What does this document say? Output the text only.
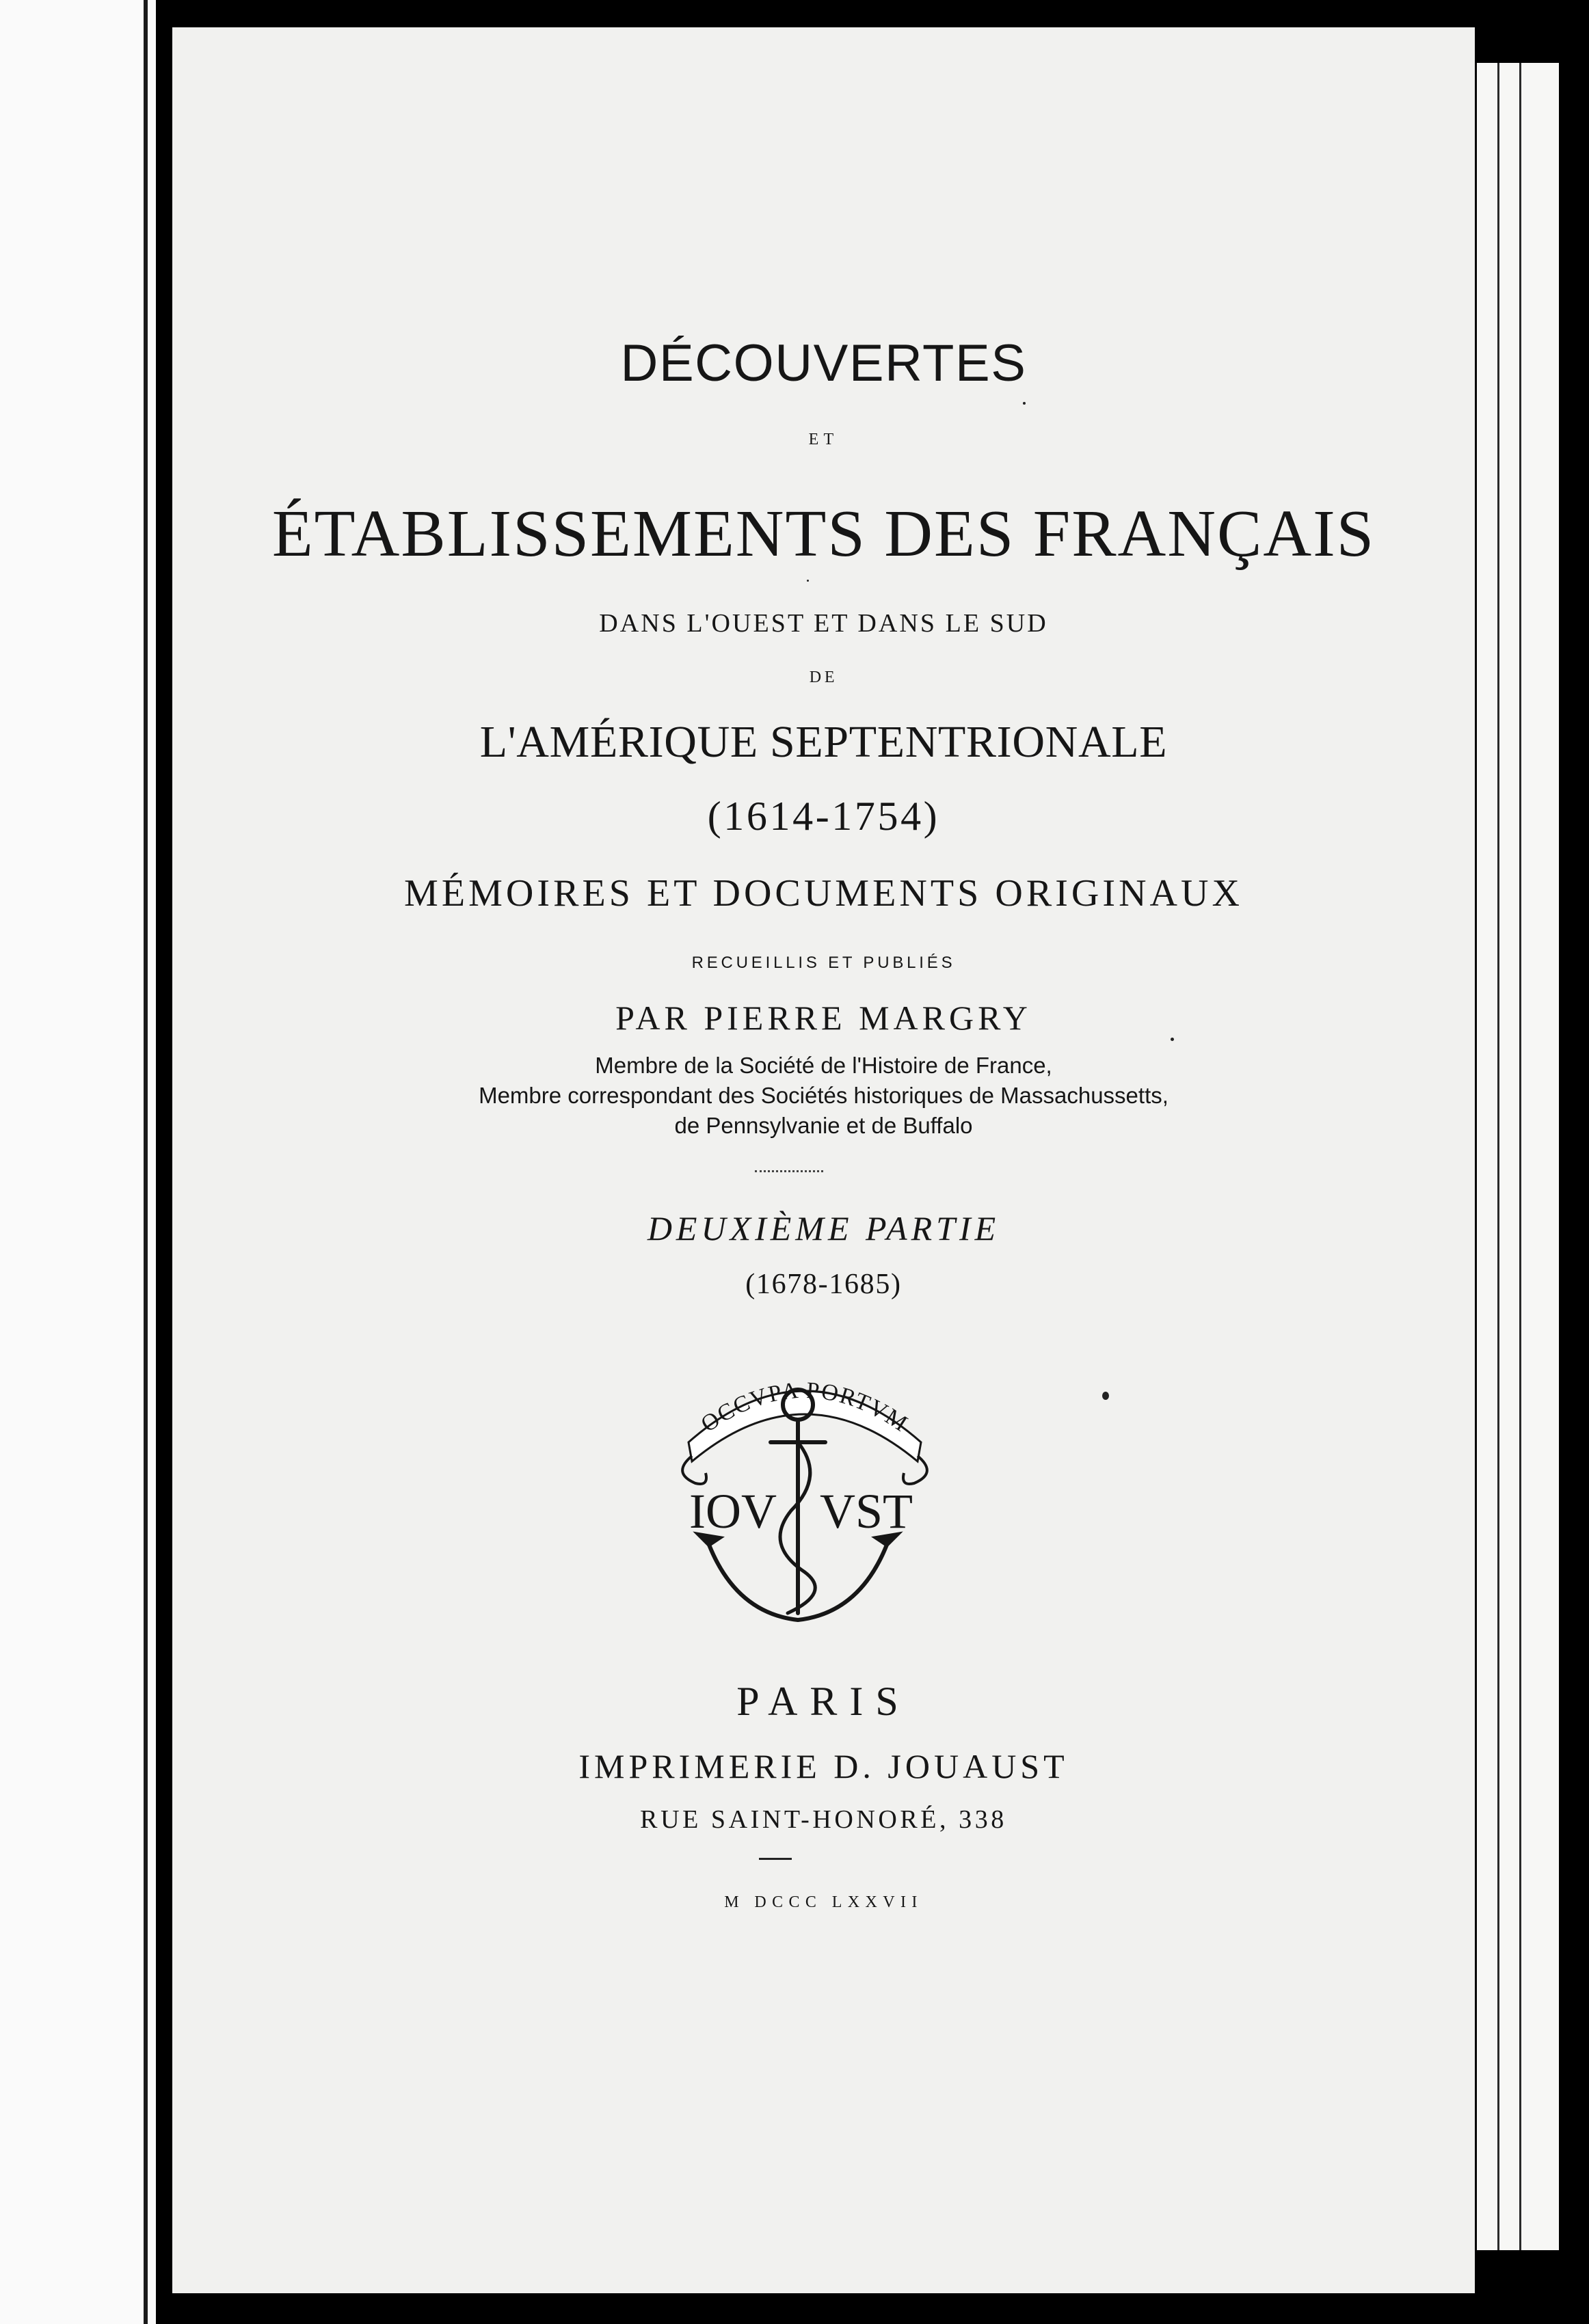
DÉCOUVERTES
ET
ÉTABLISSEMENTS DES FRANÇAIS
DANS L'OUEST ET DANS LE SUD
DE
L'AMÉRIQUE SEPTENTRIONALE
(1614-1754)
MÉMOIRES ET DOCUMENTS ORIGINAUX
RECUEILLIS ET PUBLIÉS
PAR PIERRE MARGRY
Membre de la Société de l'Histoire de France,
Membre correspondant des Sociétés historiques de Massachussetts,
de Pennsylvanie et de Buffalo
DEUXIÈME PARTIE
(1678-1685)
OCCVPA PORTVM
IOV VST
PARIS
IMPRIMERIE D. JOUAUST
RUE SAINT-HONORÉ, 338
M DCCC LXXVII
